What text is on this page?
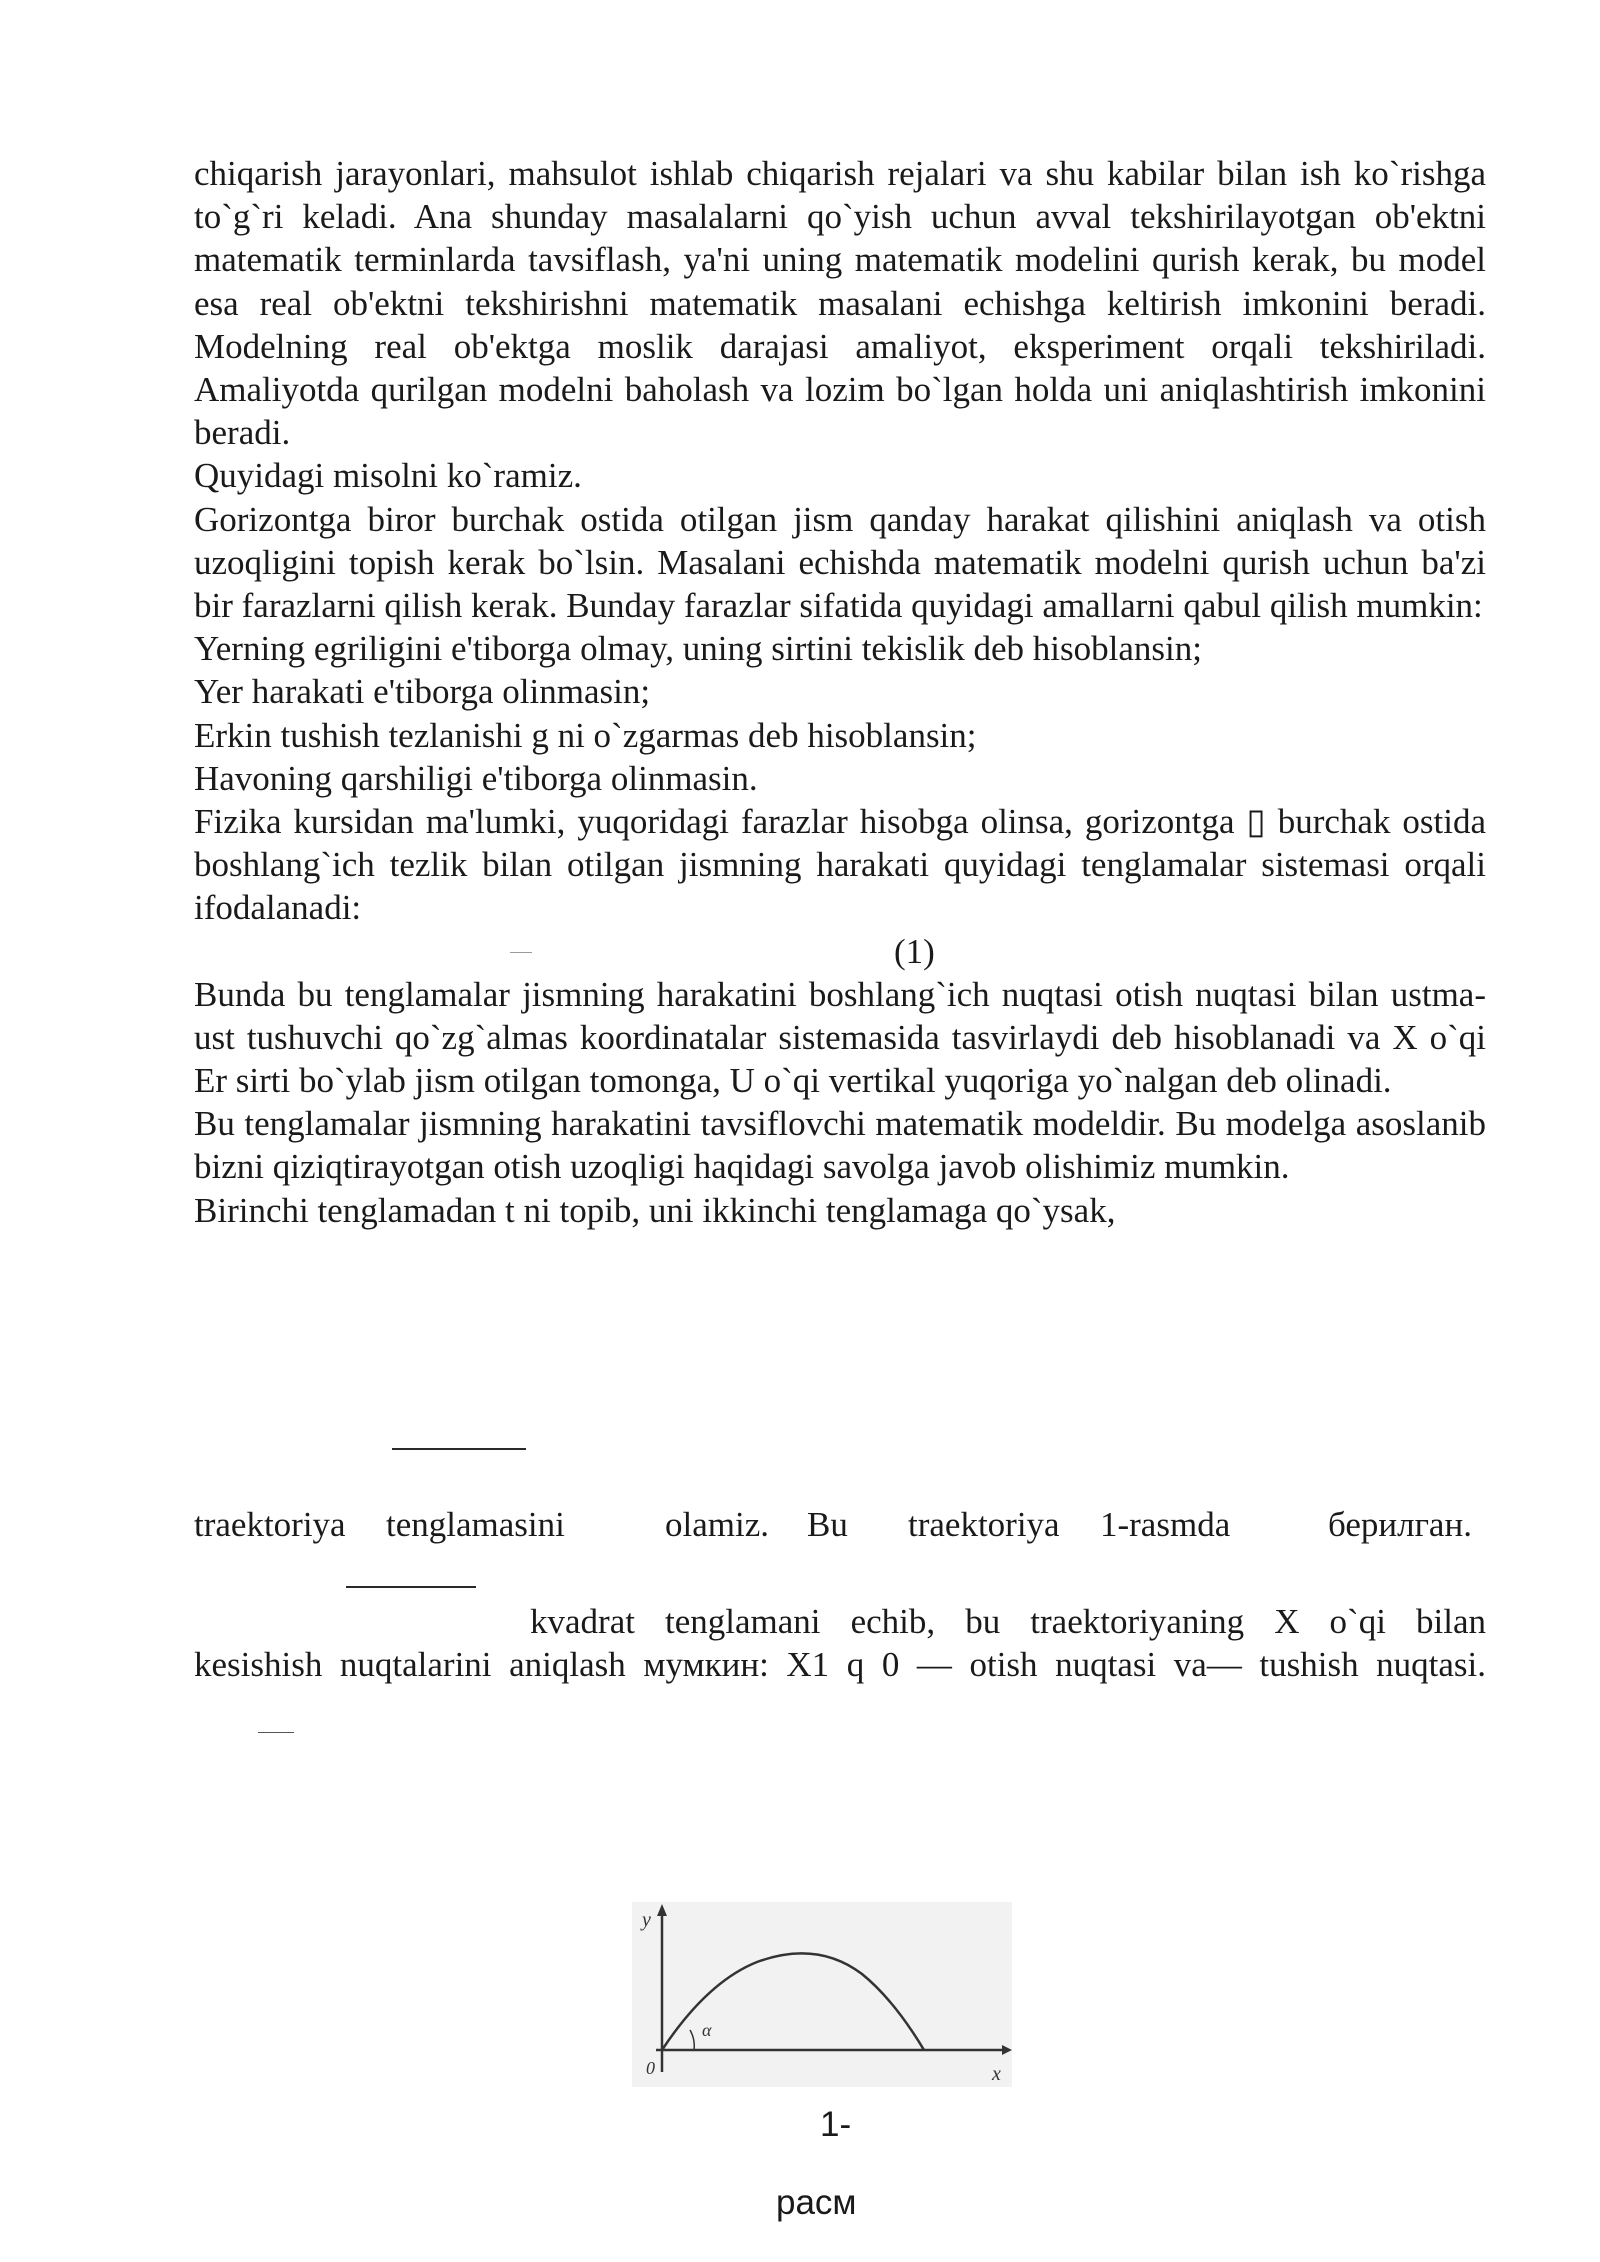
chiqarish jarayonlari, mahsulot ishlab chiqarish rejalari va shu kabilar bilan ish ko`rishga to`g`ri keladi. Ana shunday masalalarni qo`yish uchun avval tekshirilayotgan ob'ektni matematik terminlarda tavsiflash, ya'ni uning matematik modelini qurish kerak, bu model esa real ob'ektni tekshirishni matematik masalani echishga keltirish imkonini beradi. Modelning real ob'ektga moslik darajasi amaliyot, eksperiment orqali tekshiriladi. Amaliyotda qurilgan modelni baholash va lozim bo`lgan holda uni aniqlashtirish imkonini beradi.

Quyidagi misolni ko`ramiz.

Gorizontga biror burchak ostida otilgan jism qanday harakat qilishini aniqlash va otish uzoqligini topish kerak bo`lsin. Masalani echishda matematik modelni qurish uchun ba'zi bir farazlarni qilish kerak. Bunday farazlar sifatida quyidagi amallarni qabul qilish mumkin:

Yerning egriligini e'tiborga olmay, uning sirtini tekislik deb hisoblansin;

Yer harakati e'tiborga olinmasin;

Erkin tushish tezlanishi g ni o`zgarmas deb hisoblansin;

Havoning qarshiligi e'tiborga olinmasin.

Fizika kursidan ma'lumki, yuqoridagi farazlar hisobga olinsa, gorizontga ▯ burchak ostida boshlang`ich tezlik bilan otilgan jismning harakati quyidagi tenglamalar sistemasi orqali ifodalanadi:

(1)

Bunda bu tenglamalar jismning harakatini boshlang`ich nuqtasi otish nuqtasi bilan ustma-ust tushuvchi qo`zg`almas koordinatalar sistemasida tasvirlaydi deb hisoblanadi va X o`qi Er sirti bo`ylab jism otilgan tomonga, U o`qi vertikal yuqoriga yo`nalgan deb olinadi.

Bu tenglamalar jismning harakatini tavsiflovchi matematik modeldir. Bu modelga asoslanib bizni qiziqtirayotgan otish uzoqligi haqidagi savolga javob olishimiz mumkin.

Birinchi tenglamadan t ni topib, uni ikkinchi tenglamaga qo`ysak,

traektoriya tenglamasini	olamiz. Bu traektoriya 1-rasmda	берилган.
kvadrat tenglamani echib, bu traektoriyaning X o`qi bilan
kesishish nuqtalarini aniqlash мумкин: X1 q 0 — otish nuqtasi va— tushish nuqtasi.
y
x
0
α
1-
расм
